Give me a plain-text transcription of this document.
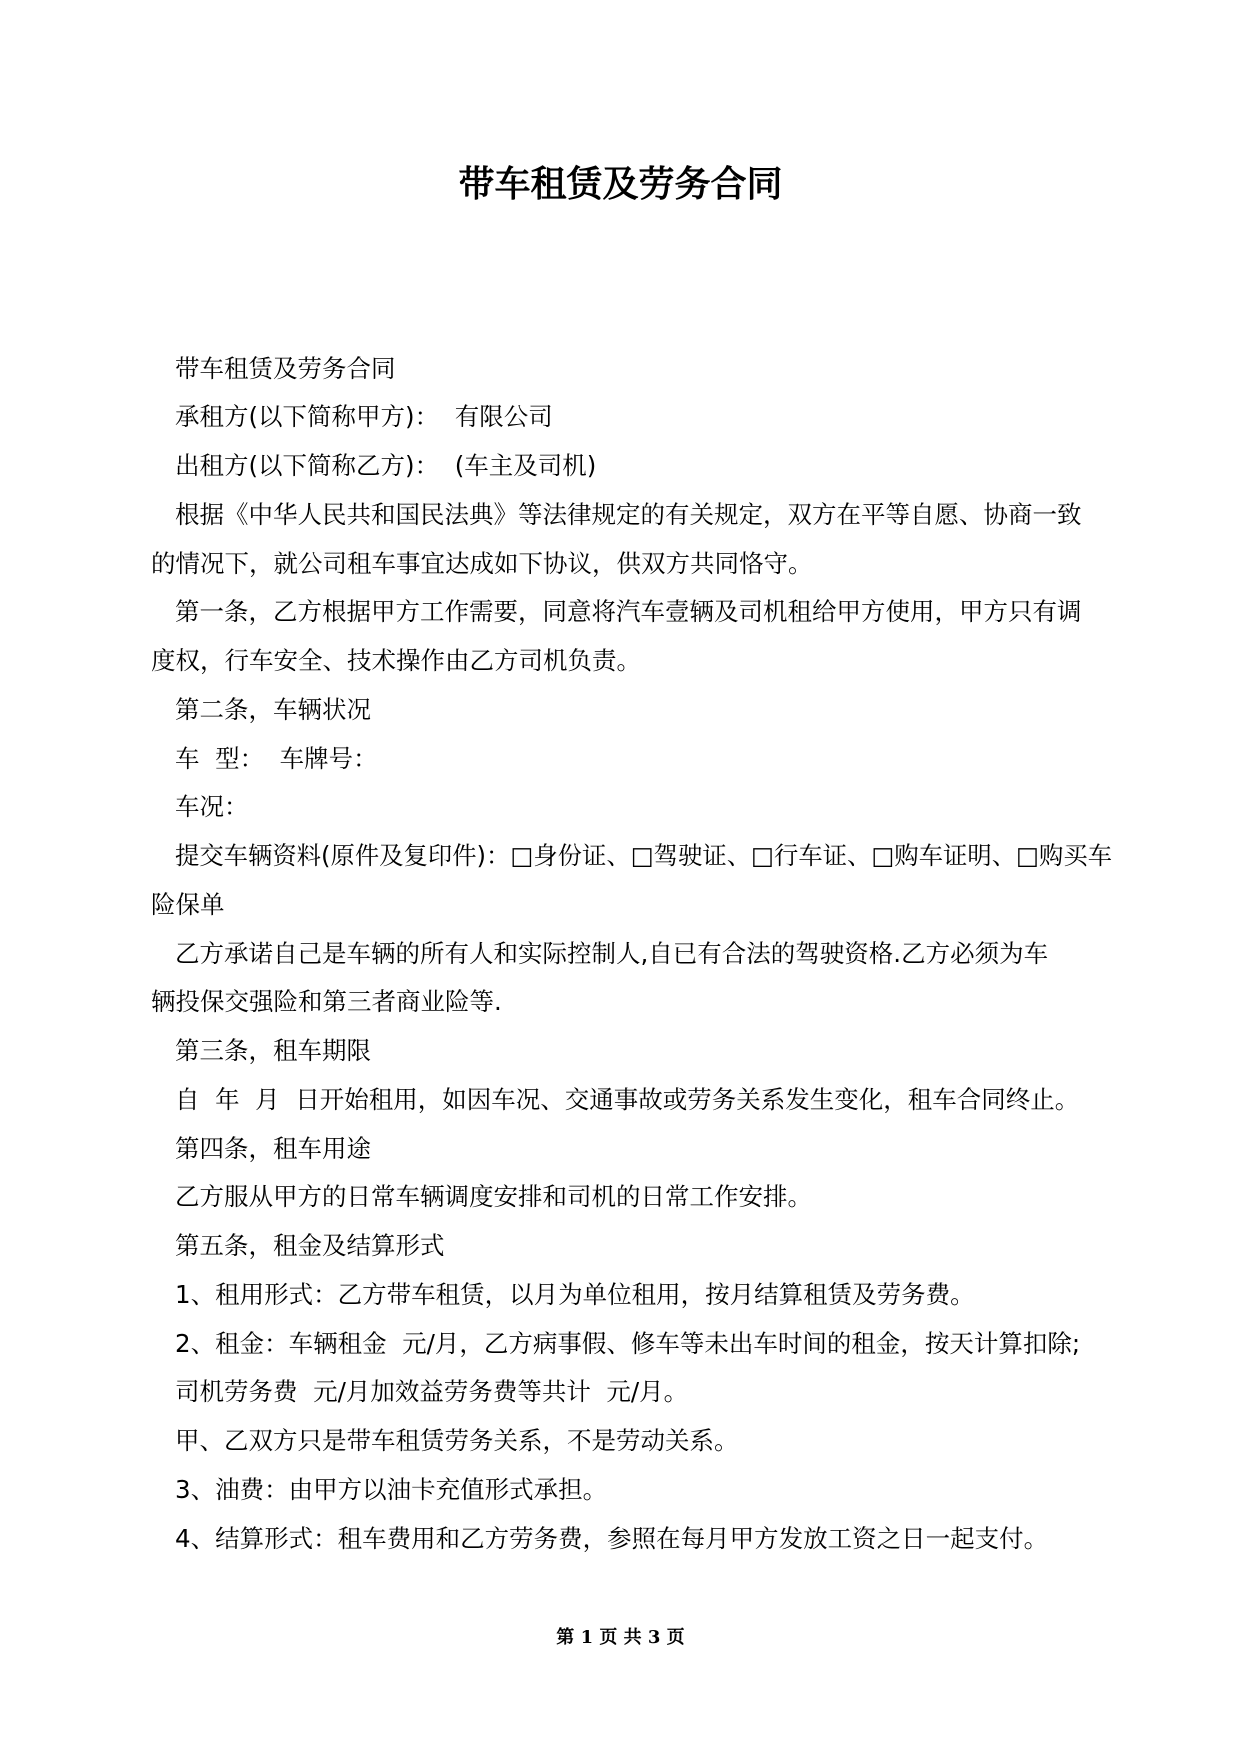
带车租赁及劳务合同
带车租赁及劳务合同
承租方(以下简称甲方)：  有限公司
出租方(以下简称乙方)：  (车主及司机)
根据《中华人民共和国民法典》等法律规定的有关规定，双方在平等自愿、协商一致
的情况下，就公司租车事宜达成如下协议，供双方共同恪守。
第一条，乙方根据甲方工作需要，同意将汽车壹辆及司机租给甲方使用，甲方只有调
度权，行车安全、技术操作由乙方司机负责。
第二条，车辆状况
车  型：  车牌号：
车况：
提交车辆资料(原件及复印件)：□身份证、□驾驶证、□行车证、□购车证明、□购买车
险保单
乙方承诺自己是车辆的所有人和实际控制人,自已有合法的驾驶资格.乙方必须为车
辆投保交强险和第三者商业险等.
第三条，租车期限
自  年  月  日开始租用，如因车况、交通事故或劳务关系发生变化，租车合同终止。
第四条，租车用途
乙方服从甲方的日常车辆调度安排和司机的日常工作安排。
第五条，租金及结算形式
1、租用形式：乙方带车租赁，以月为单位租用，按月结算租赁及劳务费。
2、租金：车辆租金  元/月，乙方病事假、修车等未出车时间的租金，按天计算扣除;
司机劳务费  元/月加效益劳务费等共计  元/月。
甲、乙双方只是带车租赁劳务关系，不是劳动关系。
3、油费：由甲方以油卡充值形式承担。
4、结算形式：租车费用和乙方劳务费，参照在每月甲方发放工资之日一起支付。
第 1 页 共 3 页
